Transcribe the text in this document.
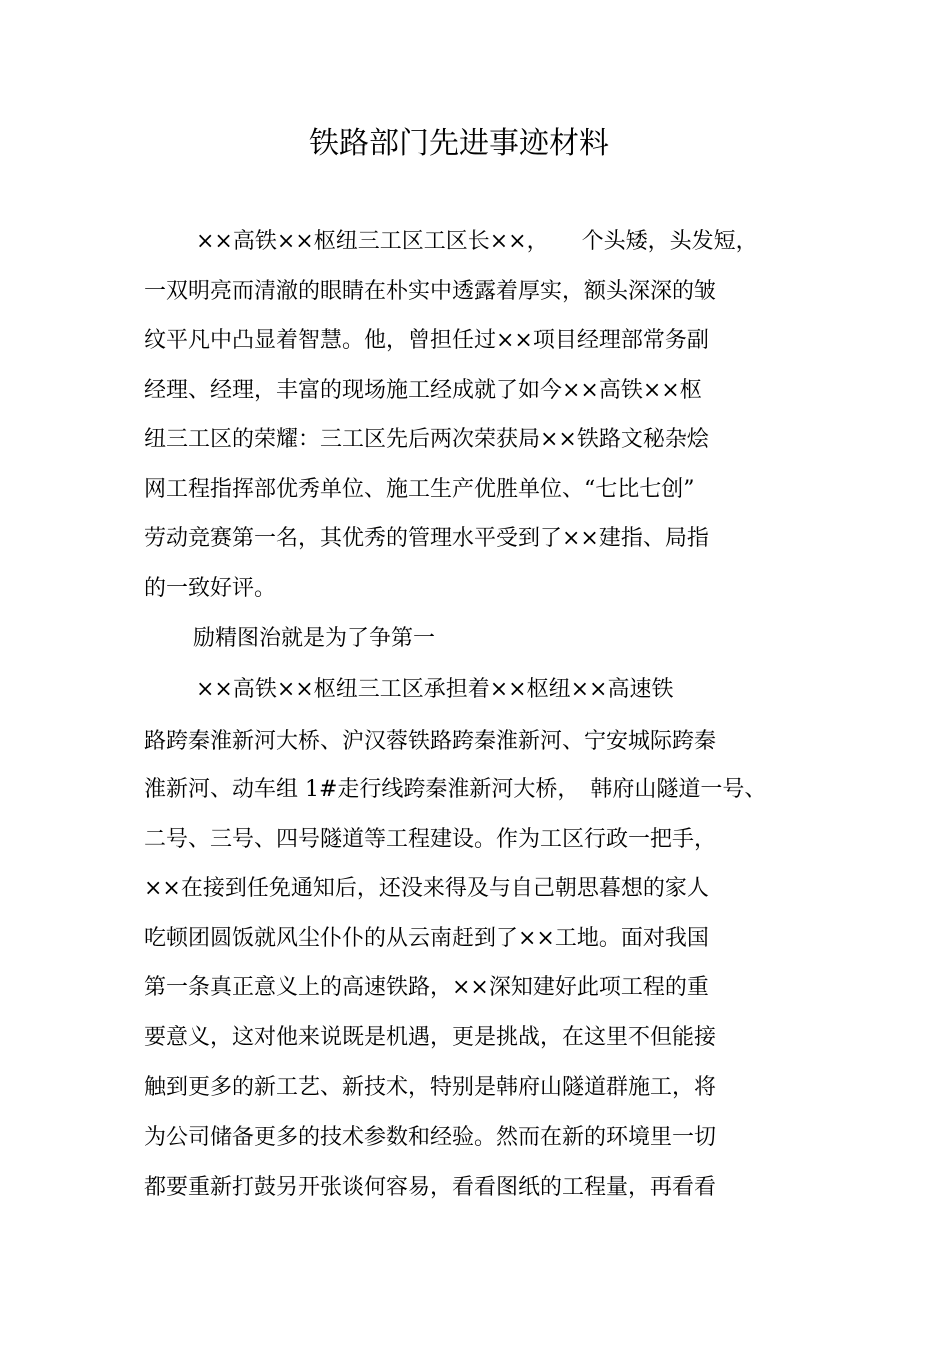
铁路部门先进事迹材料
××高铁××枢纽三工区工区长××，　　个头矮，头发短，
一双明亮而清澈的眼睛在朴实中透露着厚实，额头深深的皱
纹平凡中凸显着智慧。他，曾担任过××项目经理部常务副
经理、经理，丰富的现场施工经成就了如今××高铁××枢
纽三工区的荣耀：三工区先后两次荣获局××铁路文秘杂烩
网工程指挥部优秀单位、施工生产优胜单位、“七比七创”
劳动竞赛第一名，其优秀的管理水平受到了××建指、局指
的一致好评。
励精图治就是为了争第一
××高铁××枢纽三工区承担着××枢纽××高速铁
路跨秦淮新河大桥、沪汉蓉铁路跨秦淮新河、宁安城际跨秦
淮新河、动车组 1#走行线跨秦淮新河大桥，　韩府山隧道一号、
二号、三号、四号隧道等工程建设。作为工区行政一把手，
××在接到任免通知后，还没来得及与自己朝思暮想的家人
吃顿团圆饭就风尘仆仆的从云南赶到了××工地。面对我国
第一条真正意义上的高速铁路，××深知建好此项工程的重
要意义，这对他来说既是机遇，更是挑战，在这里不但能接
触到更多的新工艺、新技术，特别是韩府山隧道群施工，将
为公司储备更多的技术参数和经验。然而在新的环境里一切
都要重新打鼓另开张谈何容易，看看图纸的工程量，再看看
